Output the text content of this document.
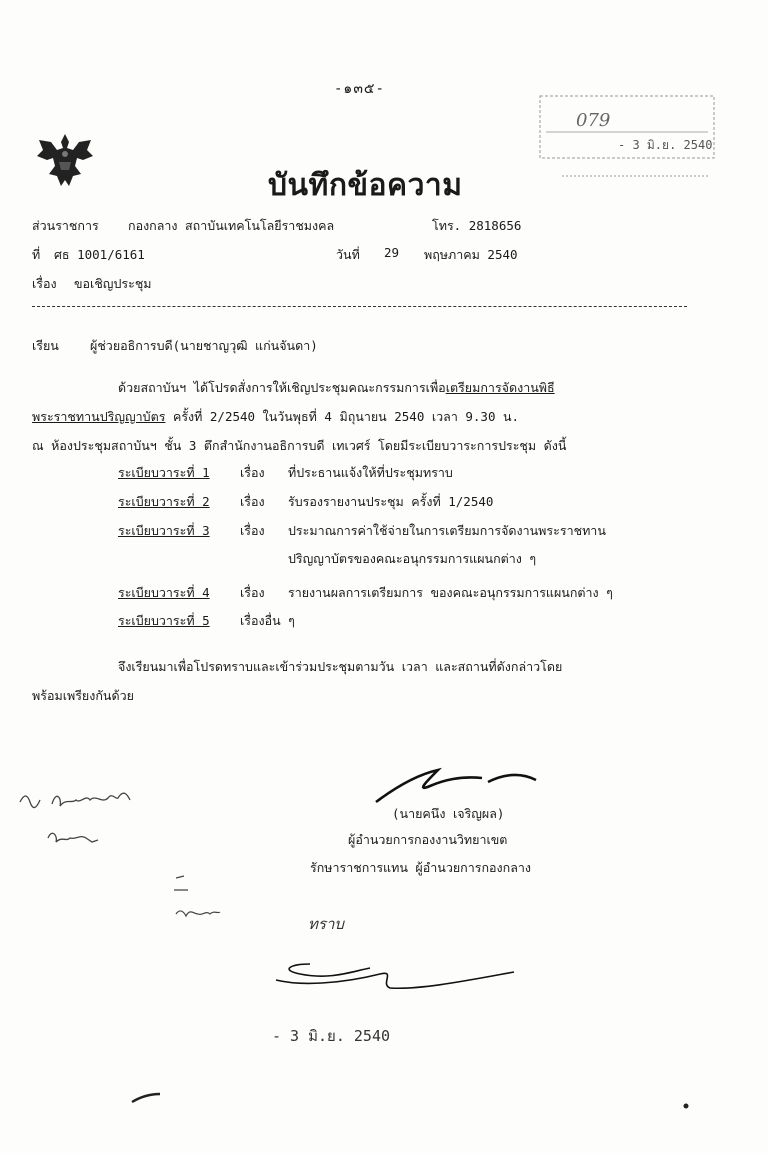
-๑๓๕-
079
- 3 มิ.ย. 2540
บันทึกข้อความ
ส่วนราชการ กองกลาง สถาบันเทคโนโลยีราชมงคล	โทร. 2818656
ที่ ศธ 1001/6161	วันที่ 29 พฤษภาคม 2540
เรื่อง ขอเชิญประชุม
เรียน ผู้ช่วยอธิการบดี(นายชาญวุฒิ แก่นจันดา)
ด้วยสถาบันฯ ได้โปรดสั่งการให้เชิญประชุมคณะกรรมการเพื่อเตรียมการจัดงานพิธี
พระราชทานปริญญาบัตร ครั้งที่ 2/2540 ในวันพุธที่ 4 มิถุนายน 2540 เวลา 9.30 น.
ณ ห้องประชุมสถาบันฯ ชั้น 3 ตึกสำนักงานอธิการบดี เทเวศร์ โดยมีระเบียบวาระการประชุม ดังนี้
ระเบียบวาระที่ 1 เรื่อง ที่ประธานแจ้งให้ที่ประชุมทราบ
ระเบียบวาระที่ 2 เรื่อง รับรองรายงานประชุม ครั้งที่ 1/2540
ระเบียบวาระที่ 3 เรื่อง ประมาณการค่าใช้จ่ายในการเตรียมการจัดงานพระราชทาน
ปริญญาบัตรของคณะอนุกรรมการแผนกต่าง ๆ
ระเบียบวาระที่ 4 เรื่อง รายงานผลการเตรียมการ ของคณะอนุกรรมการแผนกต่าง ๆ
ระเบียบวาระที่ 5 เรื่องอื่น ๆ
จึงเรียนมาเพื่อโปรดทราบและเข้าร่วมประชุมตามวัน เวลา และสถานที่ดังกล่าวโดย
พร้อมเพรียงกันด้วย
(นายคนึง เจริญผล)
ผู้อำนวยการกองงานวิทยาเขต
รักษาราชการแทน ผู้อำนวยการกองกลาง
ทราบ
- 3 มิ.ย. 2540
